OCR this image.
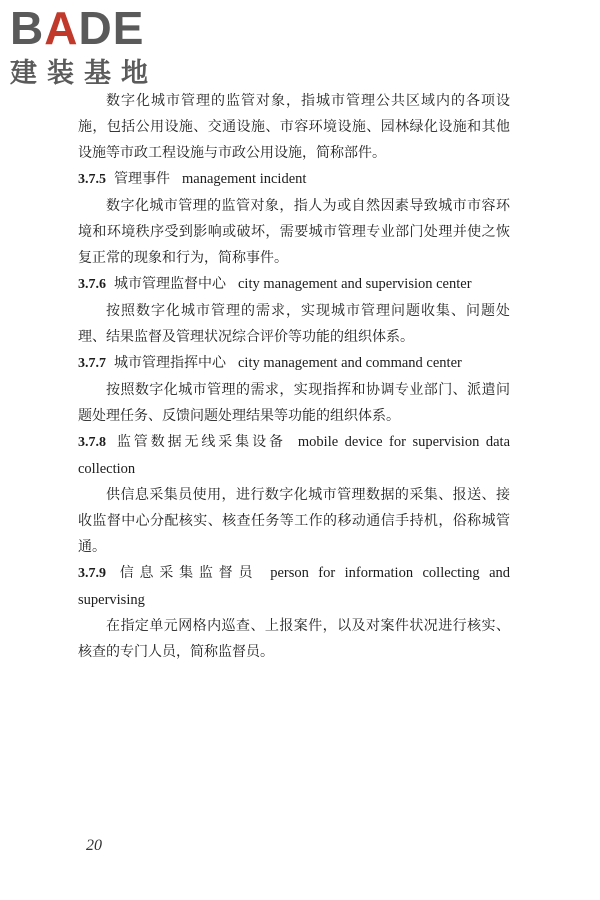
BADE
建装基地

数字化城市管理的监管对象，指城市管理公共区域内的各项设施，包括公用设施、交通设施、市容环境设施、园林绿化设施和其他设施等市政工程设施与市政公用设施，简称部件。

3.7.5 管理事件 management incident

数字化城市管理的监管对象，指人为或自然因素导致城市市容环境和环境秩序受到影响或破坏，需要城市管理专业部门处理并使之恢复正常的现象和行为，简称事件。

3.7.6 城市管理监督中心 city management and supervision center

按照数字化城市管理的需求，实现城市管理问题收集、问题处理、结果监督及管理状况综合评价等功能的组织体系。

3.7.7 城市管理指挥中心 city management and command center

按照数字化城市管理的需求，实现指挥和协调专业部门、派遣问题处理任务、反馈问题处理结果等功能的组织体系。

3.7.8 监管数据无线采集设备 mobile device for supervision data collection

供信息采集员使用，进行数字化城市管理数据的采集、报送、接收监督中心分配核实、核查任务等工作的移动通信手持机，俗称城管通。

3.7.9 信息采集监督员 person for information collecting and supervising

在指定单元网格内巡查、上报案件，以及对案件状况进行核实、核查的专门人员，简称监督员。

20
